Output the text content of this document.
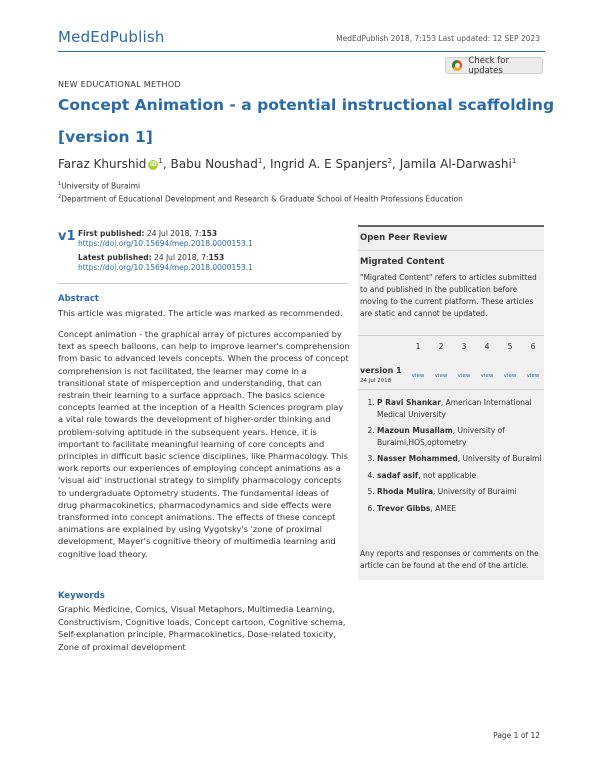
MedEdPublish	MedEdPublish 2018, 7:153 Last updated: 12 SEP 2023
Check for updates
NEW EDUCATIONAL METHOD
Concept Animation - a potential instructional scaffolding
[version 1]
Faraz Khurshid $iD^1$, Babu Noushad$^1$, Ingrid A. E Spanjers$^2$, Jamila Al-Darwashi$^1$
$^1$University of Buraimi
$^2$Department of Educational Development and Research & Graduate School of Health Professions Education
v1 First published: 24 Jul 2018, 7:153
https://doi.org/10.15694/mep.2018.0000153.1
Latest published: 24 Jul 2018, 7:153
https://doi.org/10.15694/mep.2018.0000153.1
Abstract
This article was migrated. The article was marked as recommended.

Concept animation - the graphical array of pictures accompanied by text as speech balloons, can help to improve learner's comprehension from basic to advanced levels concepts. When the process of concept comprehension is not facilitated, the learner may come in a transitional state of misperception and understanding, that can restrain their learning to a surface approach. The basics science concepts learned at the inception of a Health Sciences program play a vital role towards the development of higher-order thinking and problem-solving aptitude in the subsequent years. Hence, it is important to facilitate meaningful learning of core concepts and principles in difficult basic science disciplines, like Pharmacology. This work reports our experiences of employing concept animations as a 'visual aid' instructional strategy to simplify pharmacology concepts to undergraduate Optometry students. The fundamental ideas of drug pharmacokinetics, pharmacodynamics and side effects were transformed into concept animations. The effects of these concept animations are explained by using Vygotsky's 'zone of proximal development, Mayer's cognitive theory of multimedia learning and cognitive load theory.

Keywords
Graphic Medicine, Comics, Visual Metaphors, Multimedia Learning, Constructivism, Cognitive loads, Concept cartoon, Cognitive schema, Self-explanation principle, Pharmacokinetics, Dose-related toxicity, Zone of proximal development
Open Peer Review
Migrated Content
"Migrated Content" refers to articles submitted to and published in the publication before moving to the current platform. These articles are static and cannot be updated.
1	2	3	4	5	6
version 1
24 Jul 2018
view	view	view	view	view	view
1. P Ravi Shankar, American International Medical University
2. Mazoun Musallam, University of Buraimi,HOS,optometry
3. Nasser Mohammed, University of Buraimi
4. sadaf asif, not applicable
5. Rhoda Mulira, University of Buraimi
6. Trevor Gibbs, AMEE
Any reports and responses or comments on the article can be found at the end of the article.
Page 1 of 12
